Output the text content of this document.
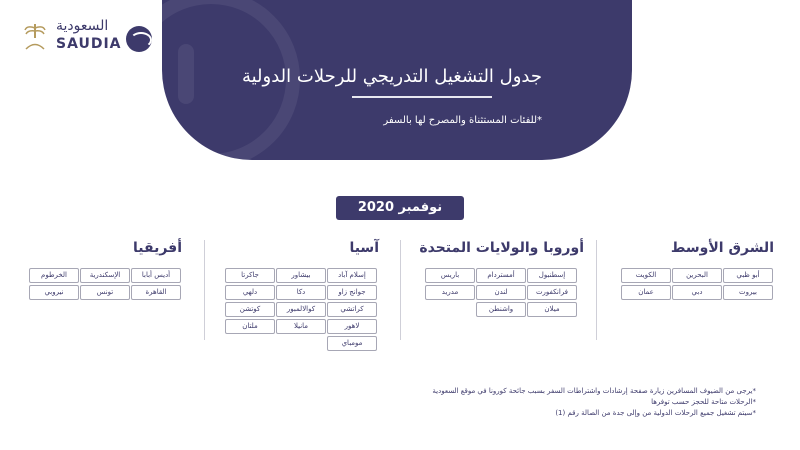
السعودية
SAUDIA
جدول التشغيل التدريجي للرحلات الدولية
*للفئات المستثناة والمصرح لها بالسفر
نوفمبر 2020
الشرق الأوسط
أبو ظبي
البحرين
الكويت
بيروت
دبي
عمان
أوروبا والولايات المتحدة
إسطنبول
أمستردام
باريس
فرانكفورت
لندن
مدريد
ميلان
واشنطن
آسيا
إسلام آباد
بيشاور
جاكرتا
جوانج زاو
دكا
دلهي
كراتشي
كوالالمبور
كوتشن
لاهور
مانيلا
ملتان
مومباي
أفريقيا
أديس أبابا
الإسكندرية
الخرطوم
القاهرة
تونس
نيروبي
*يرجى من الضيوف المسافرين زيارة صفحة إرشادات واشتراطات السفر بسبب جائحة كورونا في موقع السعودية
*الرحلات متاحة للحجز حسب توفرها
*سيتم تشغيل جميع الرحلات الدولية من وإلى جدة من الصالة رقم (1)
